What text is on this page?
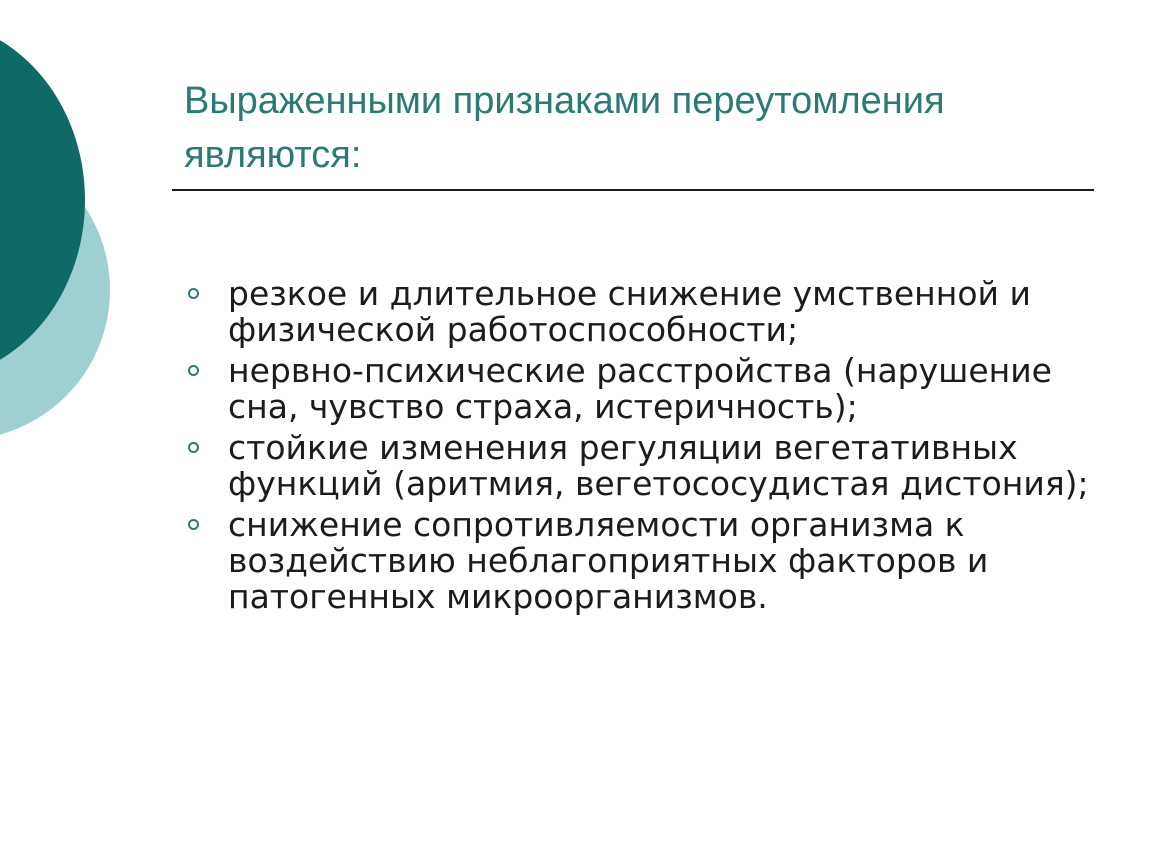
Выраженными признаками переутомления являются:
резкое и длительное снижение умственной и физической работоспособности;
нервно-психические расстройства (нарушение сна, чувство страха, истеричность);
стойкие изменения регуляции вегетативных функций (аритмия, вегетососудистая дистония);
снижение сопротивляемости организма к воздействию неблагоприятных факторов и патогенных микроорганизмов.
